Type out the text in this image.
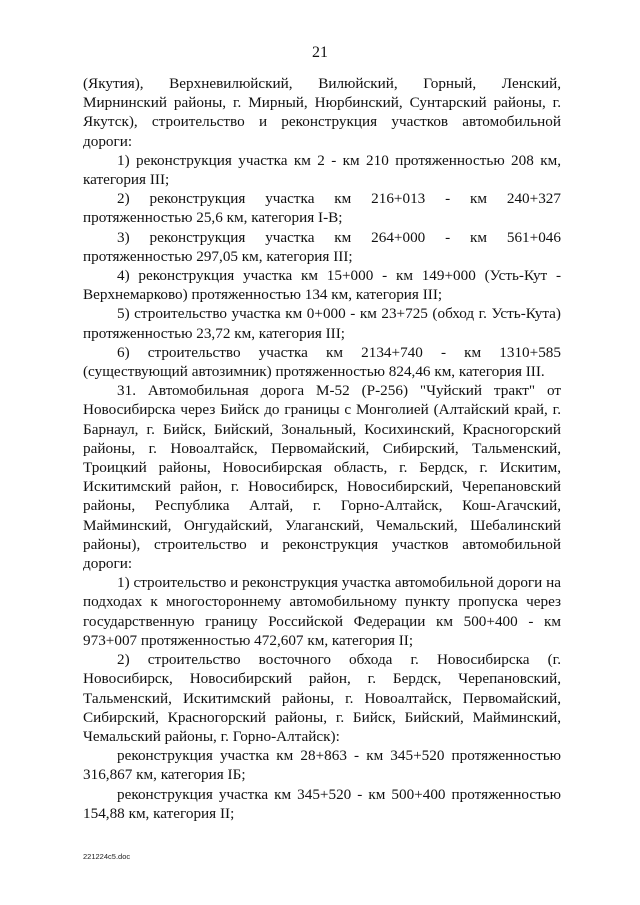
21

(Якутия), Верхневилюйский, Вилюйский, Горный, Ленский, Мирнинский районы, г. Мирный, Нюрбинский, Сунтарский районы, г. Якутск), строительство и реконструкция участков автомобильной дороги:

1) реконструкция участка км 2 - км 210 протяженностью 208 км, категория III;

2) реконструкция участка км 216+013 - км 240+327 протяженностью 25,6 км, категория I-В;

3) реконструкция участка км 264+000 - км 561+046 протяженностью 297,05 км, категория III;

4) реконструкция участка км 15+000 - км 149+000 (Усть-Кут - Верхнемарково) протяженностью 134 км, категория III;

5) строительство участка км 0+000 - км 23+725 (обход г. Усть-Кута) протяженностью 23,72 км, категория III;

6) строительство участка км 2134+740 - км 1310+585 (существующий автозимник) протяженностью 824,46 км, категория III.

31. Автомобильная дорога М-52 (Р-256) "Чуйский тракт" от Новосибирска через Бийск до границы с Монголией (Алтайский край, г. Барнаул, г. Бийск, Бийский, Зональный, Косихинский, Красногорский районы, г. Новоалтайск, Первомайский, Сибирский, Тальменский, Троицкий районы, Новосибирская область, г. Бердск, г. Искитим, Искитимский район, г. Новосибирск, Новосибирский, Черепановский районы, Республика Алтай, г. Горно-Алтайск, Кош-Агачский, Майминский, Онгудайский, Улаганский, Чемальский, Шебалинский районы), строительство и реконструкция участков автомобильной дороги:

1) строительство и реконструкция участка автомобильной дороги на подходах к многостороннему автомобильному пункту пропуска через государственную границу Российской Федерации км 500+400 - км 973+007 протяженностью 472,607 км, категория II;

2) строительство восточного обхода г. Новосибирска (г. Новосибирск, Новосибирский район, г. Бердск, Черепановский, Тальменский, Искитимский районы, г. Новоалтайск, Первомайский, Сибирский, Красногорский районы, г. Бийск, Бийский, Майминский, Чемальский районы, г. Горно-Алтайск):

реконструкция участка км 28+863 - км 345+520 протяженностью 316,867 км, категория IБ;

реконструкция участка км 345+520 - км 500+400 протяженностью 154,88 км, категория II;

221224c5.doc
